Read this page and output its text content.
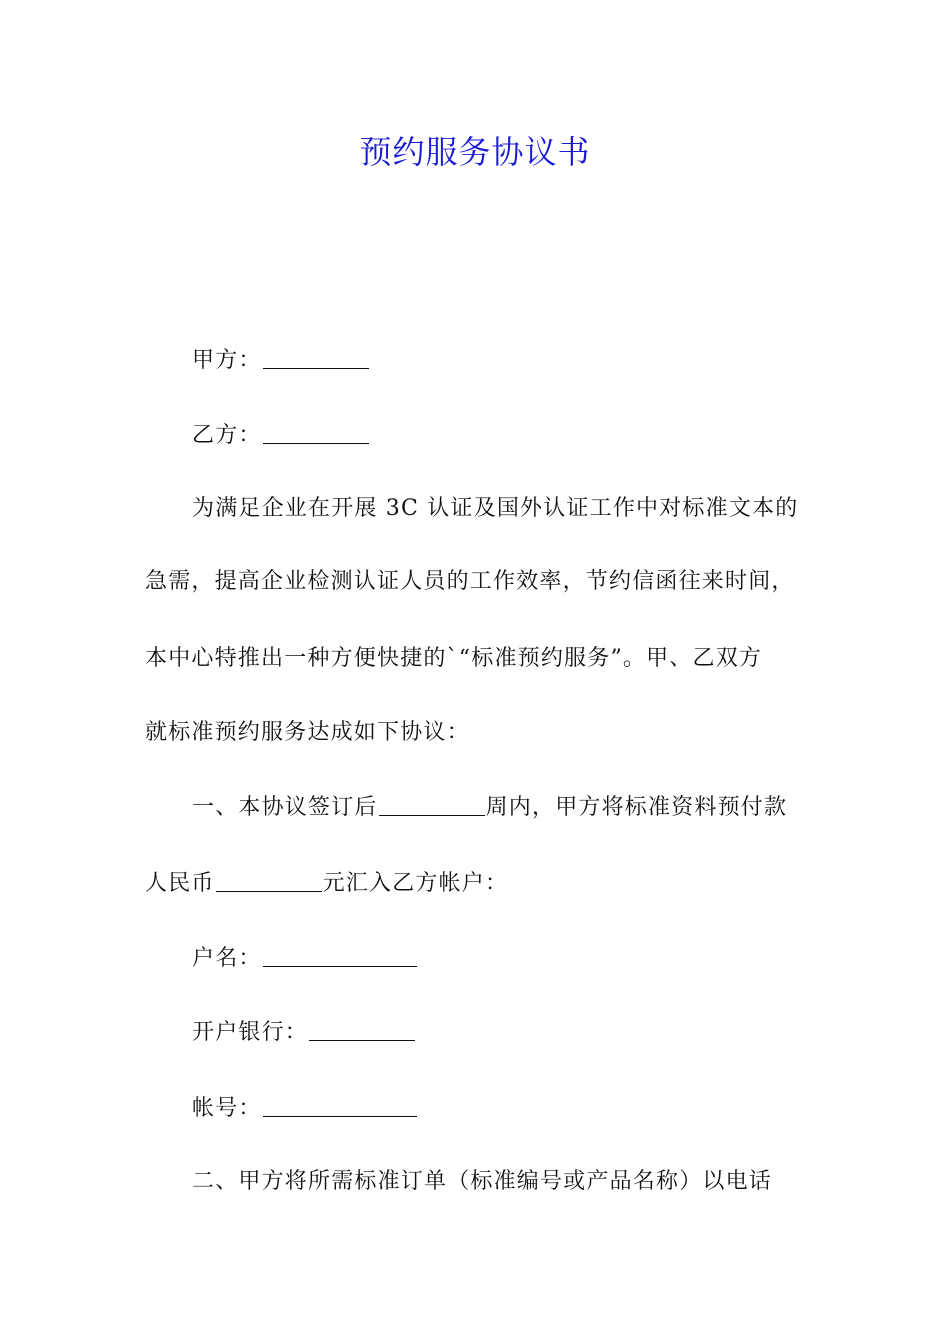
预约服务协议书
甲方：
乙方：
为满足企业在开展 3C 认证及国外认证工作中对标准文本的
急需，提高企业检测认证人员的工作效率，节约信函往来时间，
本中心特推出一种方便快捷的`“标准预约服务”。甲、乙双方
就标准预约服务达成如下协议：
一、本协议签订后	周内，甲方将标准资料预付款
人民币	元汇入乙方帐户：
户名：
开户银行：
帐号：
二、甲方将所需标准订单（标准编号或产品名称）以电话
